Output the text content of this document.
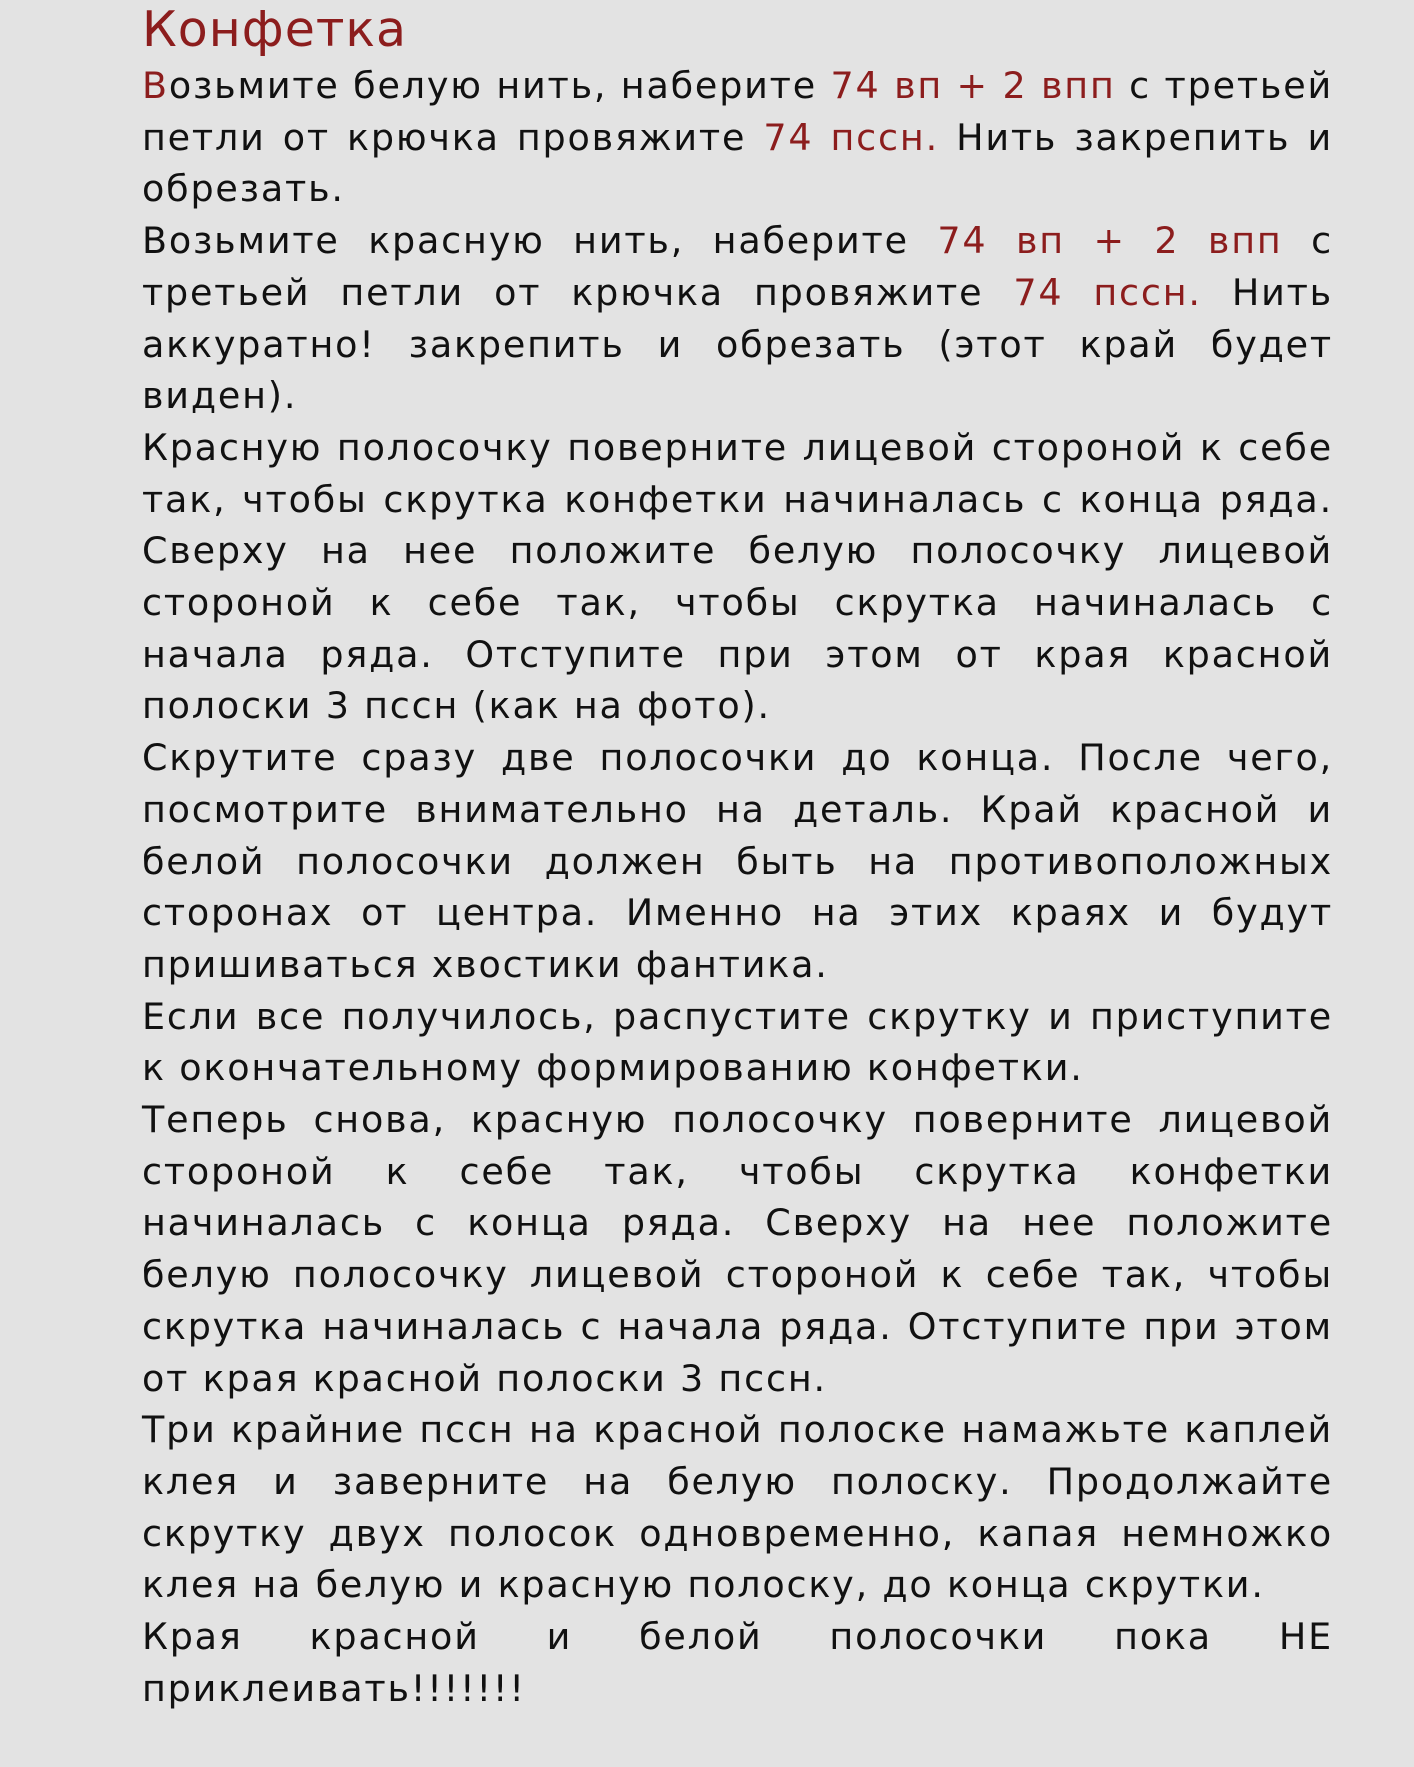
Конфетка

Возьмите белую нить, наберите 74 вп + 2 впп с третьей петли от крючка провяжите 74 пссн. Нить закрепить и обрезать.

Возьмите красную нить, наберите 74 вп + 2 впп с третьей петли от крючка провяжите 74 пссн. Нить аккуратно! закрепить и обрезать (этот край будет виден).

Красную полосочку поверните лицевой стороной к себе так, чтобы скрутка конфетки начиналась с конца ряда. Сверху на нее положите белую полосочку лицевой стороной к себе так, чтобы скрутка начиналась с начала ряда. Отступите при этом от края красной полоски 3 пссн (как на фото).

Скрутите сразу две полосочки до конца. После чего, посмотрите внимательно на деталь. Край красной и белой полосочки должен быть на противоположных сторонах от центра. Именно на этих краях и будут пришиваться хвостики фантика.

Если все получилось, распустите скрутку и приступите к окончательному формированию конфетки.

Теперь снова, красную полосочку поверните лицевой стороной к себе так, чтобы скрутка конфетки начиналась с конца ряда. Сверху на нее положите белую полосочку лицевой стороной к себе так, чтобы скрутка начиналась с начала ряда. Отступите при этом от края красной полоски 3 пссн.

Три крайние пссн на красной полоске намажьте каплей клея и заверните на белую полоску. Продолжайте скрутку двух полосок одновременно, капая немножко клея на белую и красную полоску, до конца скрутки.

Края красной и белой полосочки пока НЕ приклеивать!!!!!!!
